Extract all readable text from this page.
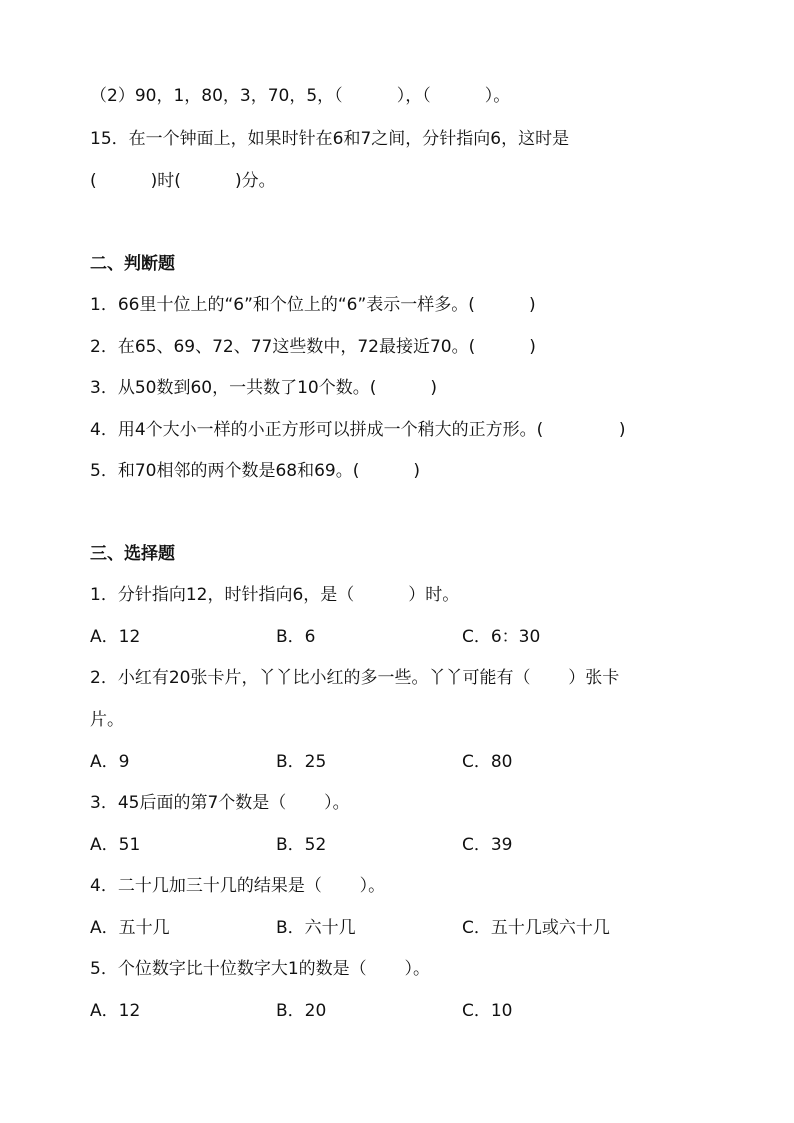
（2）90，1，80，3，70，5，（          ），（          ）。
15．在一个钟面上，如果时针在6和7之间，分针指向6，这时是
(          )时(          )分。
二、判断题
1．66里十位上的“6”和个位上的“6”表示一样多。(          )
2．在65、69、72、77这些数中，72最接近70。(          )
3．从50数到60，一共数了10个数。(          )
4．用4个大小一样的小正方形可以拼成一个稍大的正方形。(              )
5．和70相邻的两个数是68和69。(          )
三、选择题
1．分针指向12，时针指向6，是（          ）时。
A．12	B．6	C．6：30
2．小红有20张卡片，丫丫比小红的多一些。丫丫可能有（       ）张卡
片。
A．9	B．25	C．80
3．45后面的第7个数是（       ）。
A．51	B．52	C．39
4．二十几加三十几的结果是（       ）。
A．五十几	B．六十几	C．五十几或六十几
5．个位数字比十位数字大1的数是（       ）。
A．12	B．20	C．10
